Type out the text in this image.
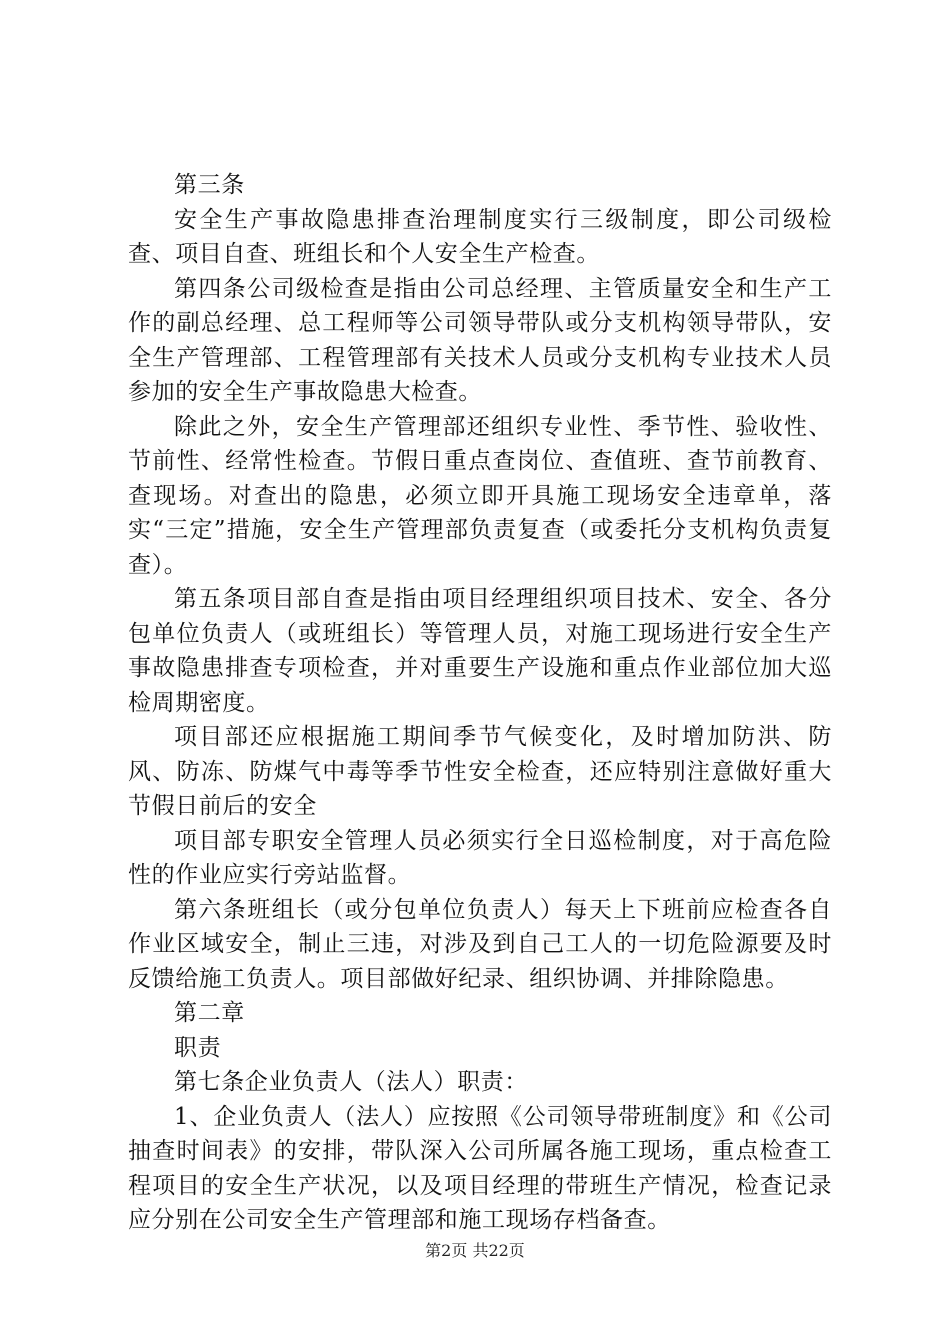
第三条

安全生产事故隐患排查治理制度实行三级制度，即公司级检查、项目自查、班组长和个人安全生产检查。

第四条公司级检查是指由公司总经理、主管质量安全和生产工作的副总经理、总工程师等公司领导带队或分支机构领导带队，安全生产管理部、工程管理部有关技术人员或分支机构专业技术人员参加的安全生产事故隐患大检查。

除此之外，安全生产管理部还组织专业性、季节性、验收性、节前性、经常性检查。节假日重点查岗位、查值班、查节前教育、查现场。对查出的隐患，必须立即开具施工现场安全违章单，落实“三定”措施，安全生产管理部负责复查（或委托分支机构负责复查）。

第五条项目部自查是指由项目经理组织项目技术、安全、各分包单位负责人（或班组长）等管理人员，对施工现场进行安全生产事故隐患排查专项检查，并对重要生产设施和重点作业部位加大巡检周期密度。

项目部还应根据施工期间季节气候变化，及时增加防洪、防风、防冻、防煤气中毒等季节性安全检查，还应特别注意做好重大节假日前后的安全

项目部专职安全管理人员必须实行全日巡检制度，对于高危险性的作业应实行旁站监督。

第六条班组长（或分包单位负责人）每天上下班前应检查各自作业区域安全，制止三违，对涉及到自己工人的一切危险源要及时反馈给施工负责人。项目部做好纪录、组织协调、并排除隐患。

第二章

职责

第七条企业负责人（法人）职责：

1、企业负责人（法人）应按照《公司领导带班制度》和《公司抽查时间表》的安排，带队深入公司所属各施工现场，重点检查工程项目的安全生产状况，以及项目经理的带班生产情况，检查记录应分别在公司安全生产管理部和施工现场存档备查。

第2页 共22页
